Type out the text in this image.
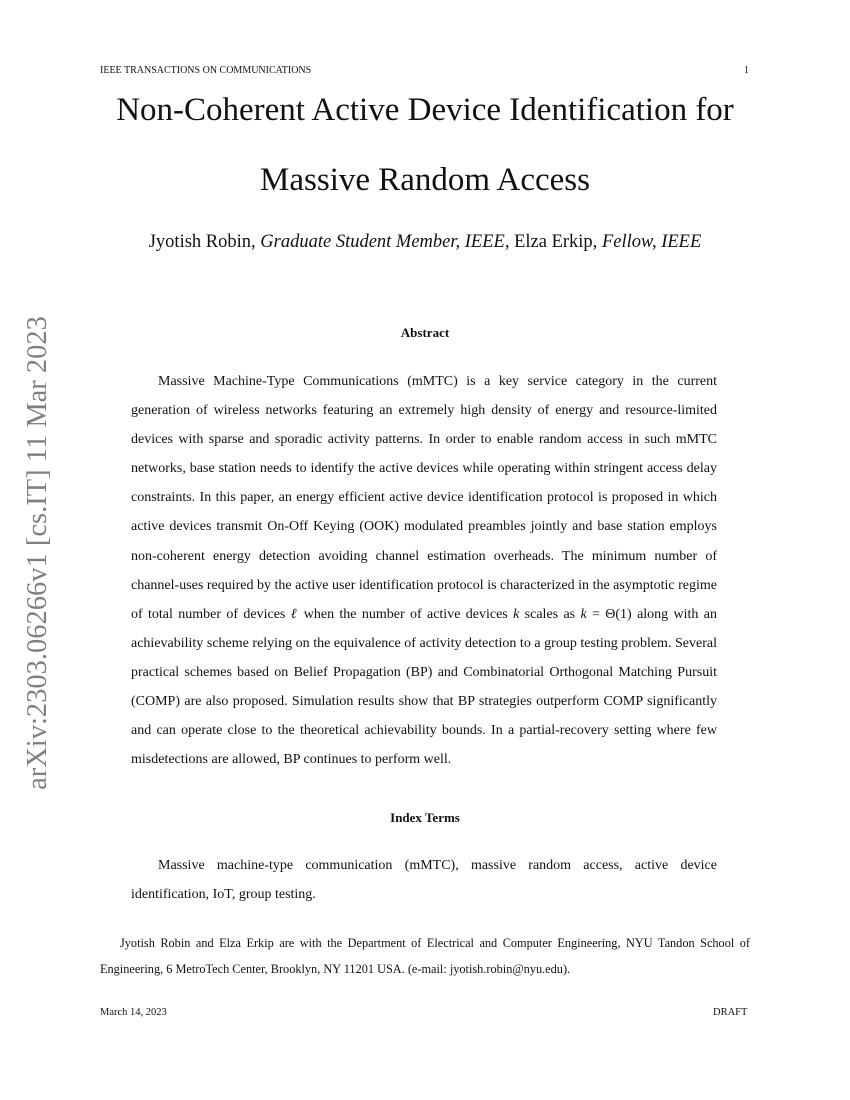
IEEE TRANSACTIONS ON COMMUNICATIONS	1
arXiv:2303.06266v1 [cs.IT] 11 Mar 2023
Non-Coherent Active Device Identification for
Massive Random Access
Jyotish Robin, Graduate Student Member, IEEE, Elza Erkip, Fellow, IEEE
Abstract
Massive Machine-Type Communications (mMTC) is a key service category in the current generation of wireless networks featuring an extremely high density of energy and resource-limited devices with sparse and sporadic activity patterns. In order to enable random access in such mMTC networks, base station needs to identify the active devices while operating within stringent access delay constraints. In this paper, an energy efficient active device identification protocol is proposed in which active devices transmit On-Off Keying (OOK) modulated preambles jointly and base station employs non-coherent energy detection avoiding channel estimation overheads. The minimum number of channel-uses required by the active user identification protocol is characterized in the asymptotic regime of total number of devices ℓ when the number of active devices k scales as k = Θ(1) along with an achievability scheme relying on the equivalence of activity detection to a group testing problem. Several practical schemes based on Belief Propagation (BP) and Combinatorial Orthogonal Matching Pursuit (COMP) are also proposed. Simulation results show that BP strategies outperform COMP significantly and can operate close to the theoretical achievability bounds. In a partial-recovery setting where few misdetections are allowed, BP continues to perform well.
Index Terms
Massive machine-type communication (mMTC), massive random access, active device identification, IoT, group testing.
Jyotish Robin and Elza Erkip are with the Department of Electrical and Computer Engineering, NYU Tandon School of Engineering, 6 MetroTech Center, Brooklyn, NY 11201 USA. (e-mail: jyotish.robin@nyu.edu).
March 14, 2023	DRAFT
